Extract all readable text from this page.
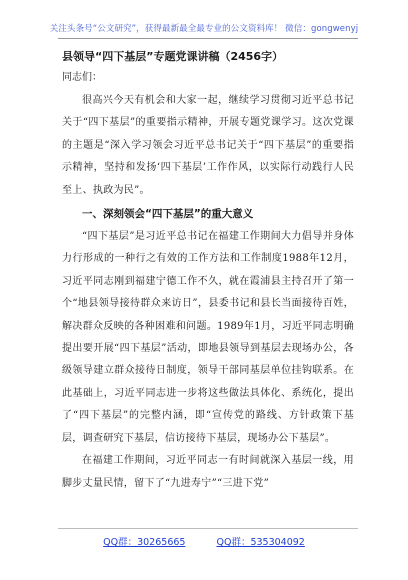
关注头条号“公文研究”，获得最新最全最专业的公文资料库！ 微信：gongwenyj
县领导“四下基层”专题党课讲稿（2456字）

同志们：

很高兴今天有机会和大家一起，继续学习贯彻习近平总书记关于“四下基层”的重要指示精神，开展专题党课学习。这次党课的主题是“深入学习领会习近平总书记关于“四下基层”的重要指示精神，坚持和发扬‘四下基层’工作作风，以实际行动践行人民至上、执政为民”。

一、深刻领会“四下基层”的重大意义

“四下基层”是习近平总书记在福建工作期间大力倡导并身体力行形成的一种行之有效的工作方法和工作制度1988年12月，习近平同志刚到福建宁德工作不久，就在霞浦县主持召开了第一个“地县领导接待群众来访日”，县委书记和县长当面接待百姓，解决群众反映的各种困难和问题。1989年1月，习近平同志明确提出要开展“四下基层”活动，即地县领导到基层去现场办公，各级领导建立群众接待日制度，领导干部同基层单位挂钩联系。在此基础上，习近平同志进一步将这些做法具体化、系统化，提出了“四下基层”的完整内涵，即“宣传党的路线、方针政策下基层，调查研究下基层，信访接待下基层，现场办公下基层”。

在福建工作期间，习近平同志一有时间就深入基层一线，用脚步丈量民情，留下了“九进寿宁”“三进下党”

QQ群：30265665	QQ群：535304092
